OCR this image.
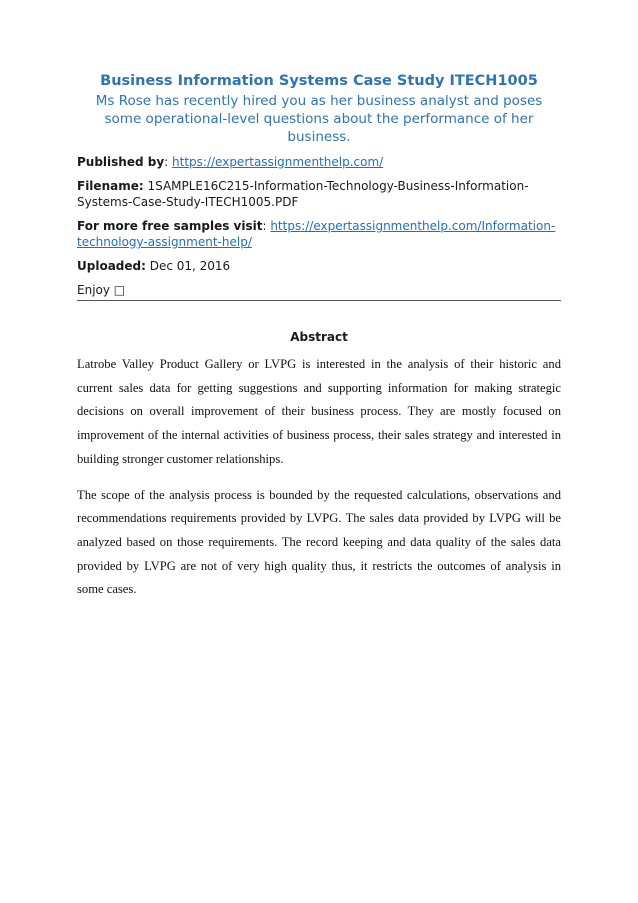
Business Information Systems Case Study ITECH1005

Ms Rose has recently hired you as her business analyst and poses some operational-level questions about the performance of her business.

Published by: https://expertassignmenthelp.com/

Filename: 1SAMPLE16C215-Information-Technology-Business-Information-Systems-Case-Study-ITECH1005.PDF

For more free samples visit: https://expertassignmenthelp.com/Information-technology-assignment-help/

Uploaded: Dec 01, 2016

Enjoy □

Abstract

Latrobe Valley Product Gallery or LVPG is interested in the analysis of their historic and current sales data for getting suggestions and supporting information for making strategic decisions on overall improvement of their business process. They are mostly focused on improvement of the internal activities of business process, their sales strategy and interested in building stronger customer relationships.

The scope of the analysis process is bounded by the requested calculations, observations and recommendations requirements provided by LVPG. The sales data provided by LVPG will be analyzed based on those requirements. The record keeping and data quality of the sales data provided by LVPG are not of very high quality thus, it restricts the outcomes of analysis in some cases.
